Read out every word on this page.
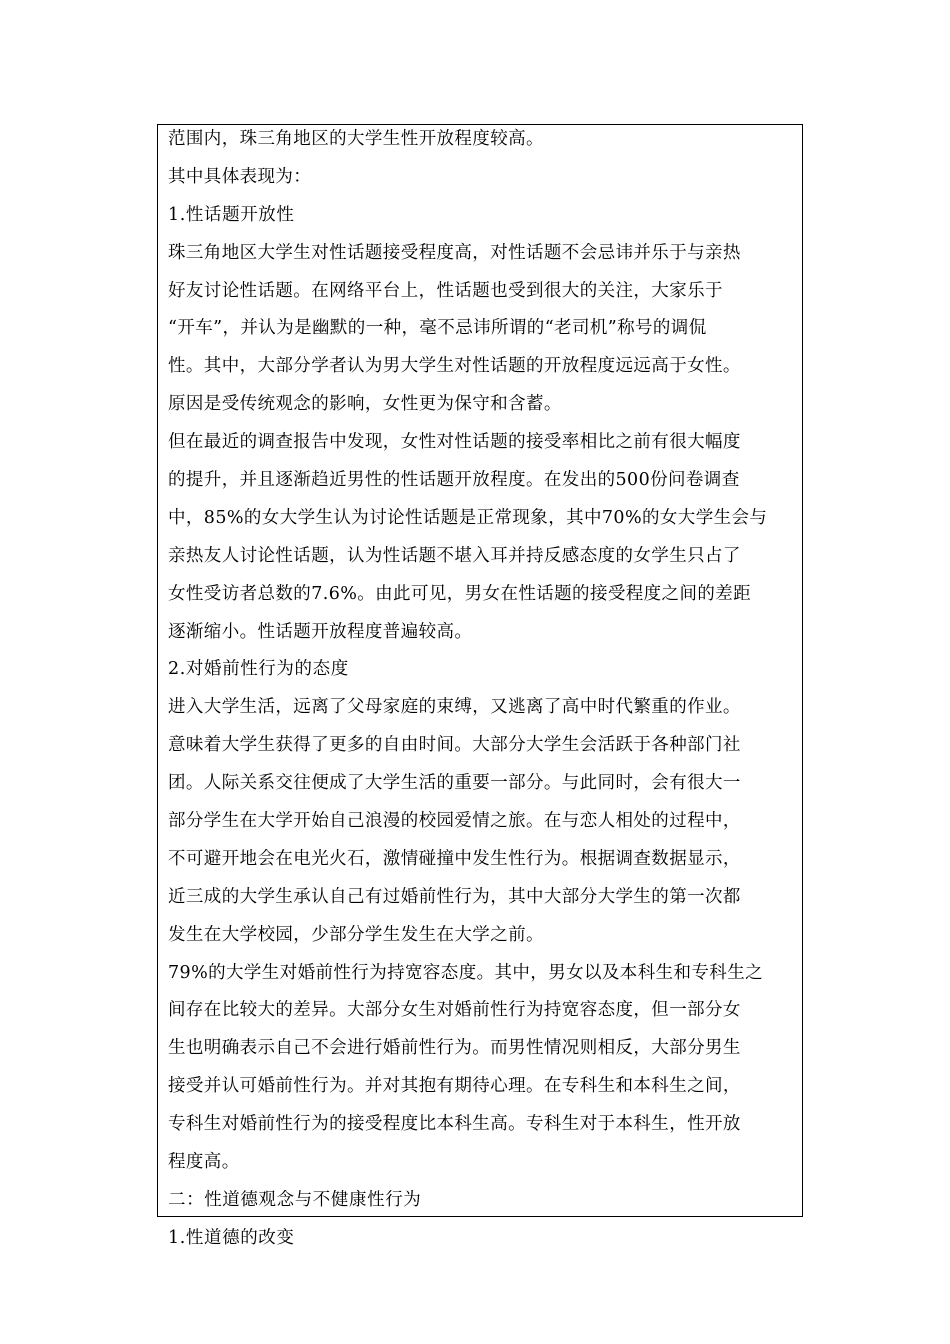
范围内，珠三角地区的大学生性开放程度较高。

其中具体表现为：

1.性话题开放性

珠三角地区大学生对性话题接受程度高，对性话题不会忌讳并乐于与亲热

好友讨论性话题。在网络平台上，性话题也受到很大的关注，大家乐于

“开车”，并认为是幽默的一种，毫不忌讳所谓的“老司机”称号的调侃

性。其中，大部分学者认为男大学生对性话题的开放程度远远高于女性。

原因是受传统观念的影响，女性更为保守和含蓄。

但在最近的调查报告中发现，女性对性话题的接受率相比之前有很大幅度

的提升，并且逐渐趋近男性的性话题开放程度。在发出的500份问卷调查

中，85%的女大学生认为讨论性话题是正常现象，其中70%的女大学生会与

亲热友人讨论性话题，认为性话题不堪入耳并持反感态度的女学生只占了

女性受访者总数的7.6%。由此可见，男女在性话题的接受程度之间的差距

逐渐缩小。性话题开放程度普遍较高。

2.对婚前性行为的态度

进入大学生活，远离了父母家庭的束缚，又逃离了高中时代繁重的作业。

意味着大学生获得了更多的自由时间。大部分大学生会活跃于各种部门社

团。人际关系交往便成了大学生活的重要一部分。与此同时，会有很大一

部分学生在大学开始自己浪漫的校园爱情之旅。在与恋人相处的过程中，

不可避开地会在电光火石，激情碰撞中发生性行为。根据调查数据显示，

近三成的大学生承认自己有过婚前性行为，其中大部分大学生的第一次都

发生在大学校园，少部分学生发生在大学之前。

79%的大学生对婚前性行为持宽容态度。其中，男女以及本科生和专科生之

间存在比较大的差异。大部分女生对婚前性行为持宽容态度，但一部分女

生也明确表示自己不会进行婚前性行为。而男性情况则相反，大部分男生

接受并认可婚前性行为。并对其抱有期待心理。在专科生和本科生之间，

专科生对婚前性行为的接受程度比本科生高。专科生对于本科生，性开放

程度高。

二：性道德观念与不健康性行为

1.性道德的改变
